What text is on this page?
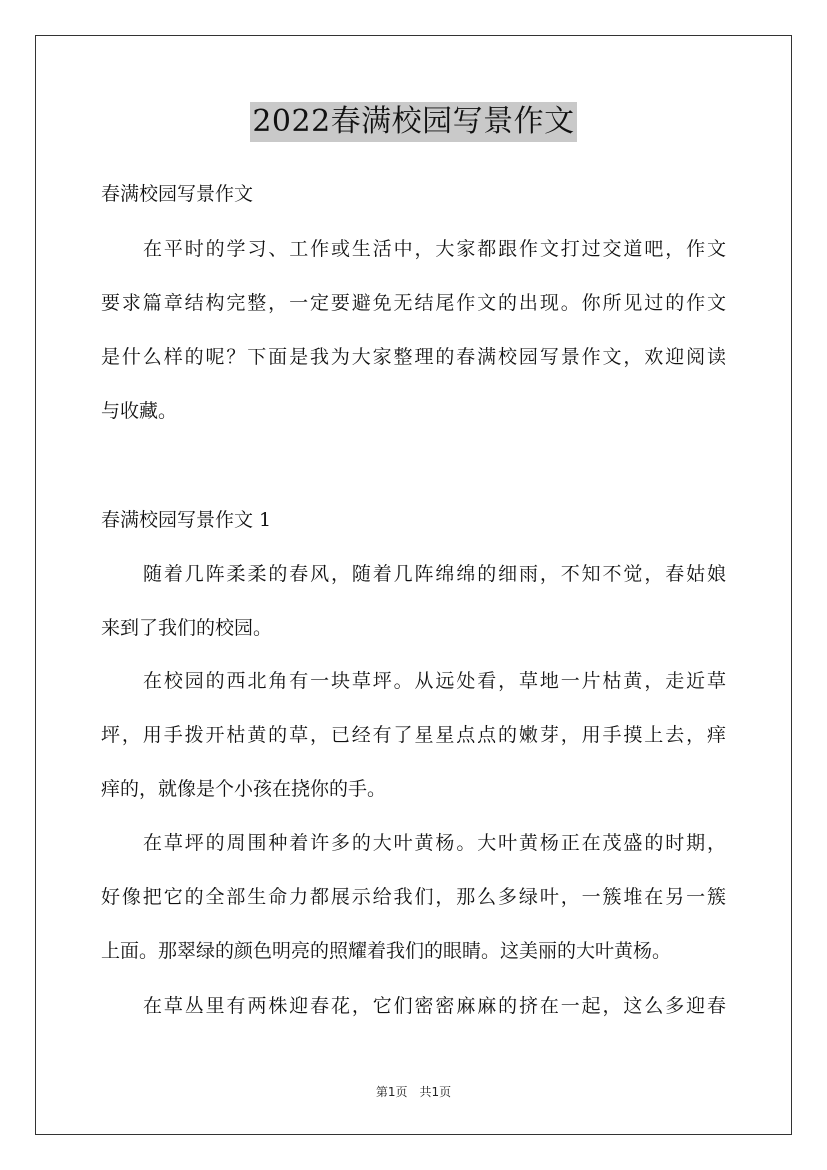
2022春满校园写景作文
春满校园写景作文
在平时的学习、工作或生活中，大家都跟作文打过交道吧，作文
要求篇章结构完整，一定要避免无结尾作文的出现。你所见过的作文
是什么样的呢？下面是我为大家整理的春满校园写景作文，欢迎阅读
与收藏。
春满校园写景作文 1
随着几阵柔柔的春风，随着几阵绵绵的细雨，不知不觉，春姑娘
来到了我们的校园。
在校园的西北角有一块草坪。从远处看，草地一片枯黄，走近草
坪，用手拨开枯黄的草，已经有了星星点点的嫩芽，用手摸上去，痒
痒的，就像是个小孩在挠你的手。
在草坪的周围种着许多的大叶黄杨。大叶黄杨正在茂盛的时期，
好像把它的全部生命力都展示给我们，那么多绿叶，一簇堆在另一簇
上面。那翠绿的颜色明亮的照耀着我们的眼睛。这美丽的大叶黄杨。
在草丛里有两株迎春花，它们密密麻麻的挤在一起，这么多迎春
第1页 共1页
